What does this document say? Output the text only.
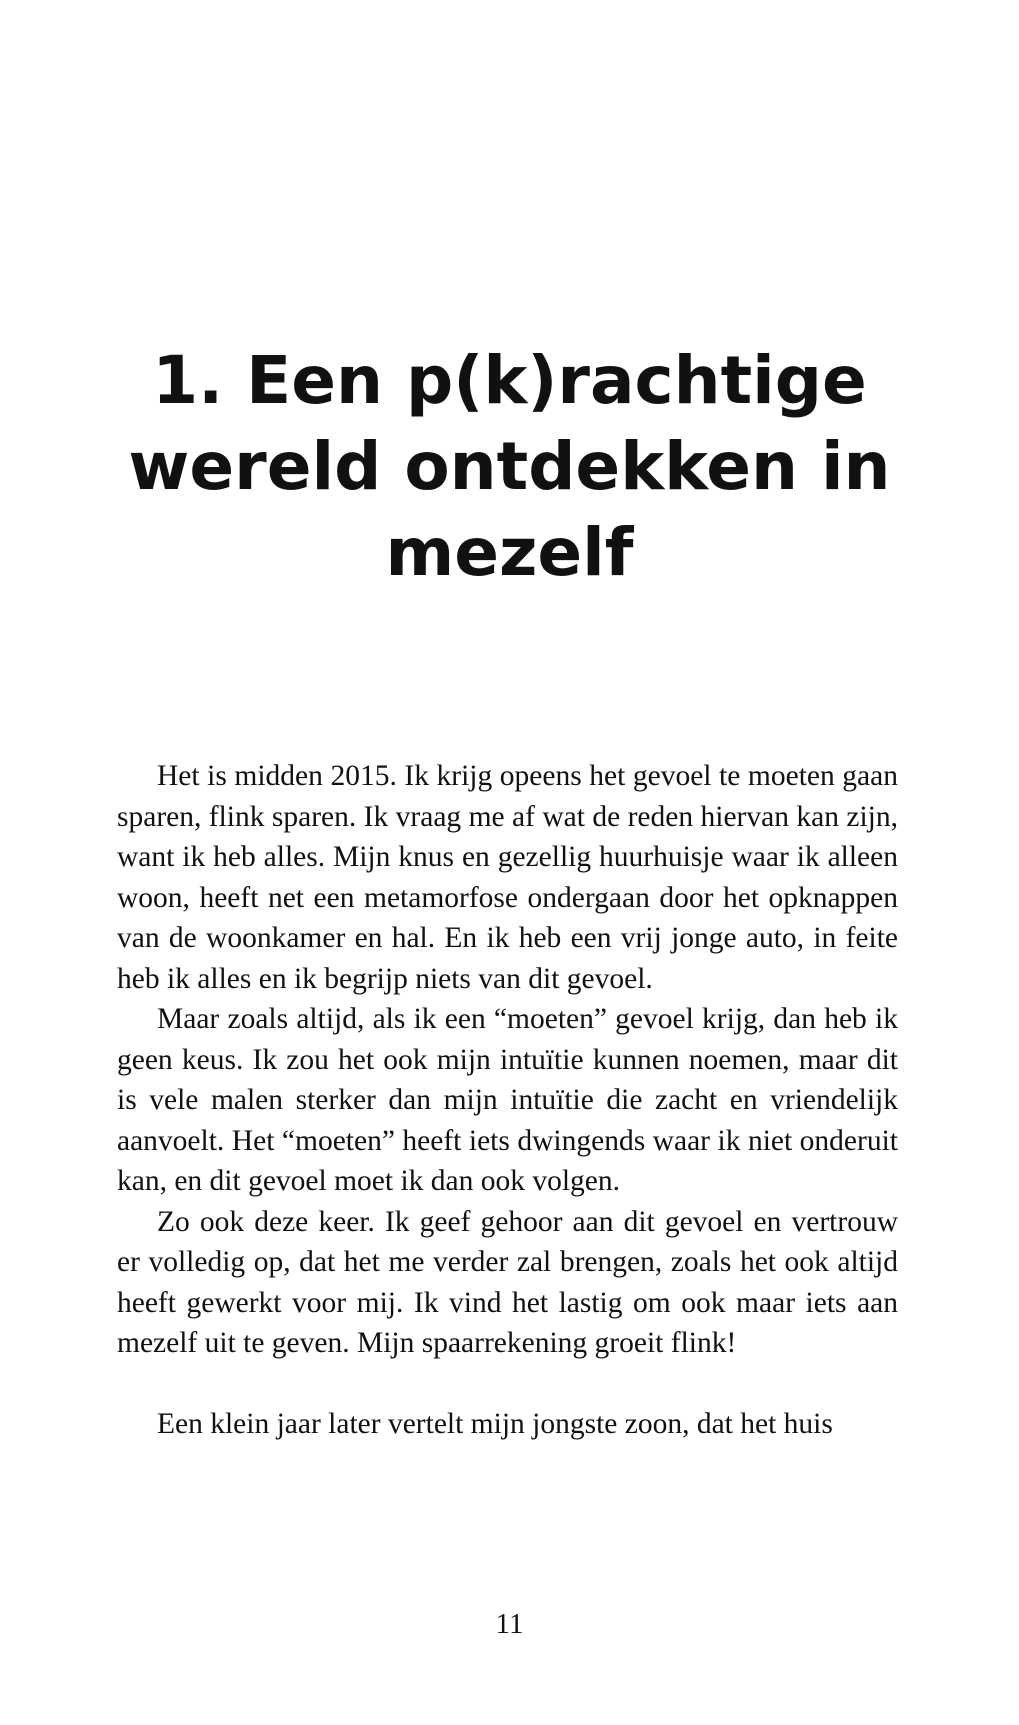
1. Een p(k)rachtige
wereld ontdekken in
mezelf

Het is midden 2015. Ik krijg opeens het gevoel te moeten gaan sparen, flink sparen. Ik vraag me af wat de reden hiervan kan zijn, want ik heb alles. Mijn knus en gezellig huurhuisje waar ik alleen woon, heeft net een metamorfose ondergaan door het opknappen van de woonkamer en hal. En ik heb een vrij jonge auto, in feite heb ik alles en ik begrijp niets van dit gevoel.

Maar zoals altijd, als ik een “moeten” gevoel krijg, dan heb ik geen keus. Ik zou het ook mijn intuïtie kunnen noemen, maar dit is vele malen sterker dan mijn intuïtie die zacht en vriendelijk aanvoelt. Het “moeten” heeft iets dwingends waar ik niet onderuit kan, en dit gevoel moet ik dan ook volgen.

Zo ook deze keer. Ik geef gehoor aan dit gevoel en vertrouw er volledig op, dat het me verder zal brengen, zoals het ook altijd heeft gewerkt voor mij. Ik vind het lastig om ook maar iets aan mezelf uit te geven. Mijn spaarrekening groeit flink!

Een klein jaar later vertelt mijn jongste zoon, dat het huis

11
